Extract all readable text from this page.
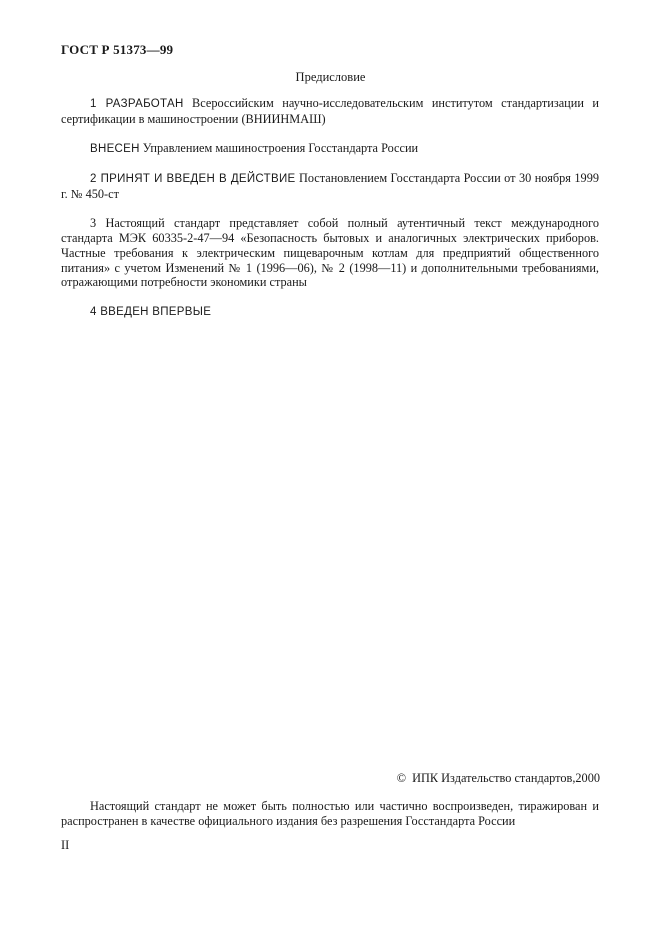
ГОСТ Р 51373—99
Предисловие

1 РАЗРАБОТАН Всероссийским научно-исследовательским институтом стандартизации и сертификации в машиностроении (ВНИИНМАШ)

ВНЕСЕН Управлением машиностроения Госстандарта России

2 ПРИНЯТ И ВВЕДЕН В ДЕЙСТВИЕ Постановлением Госстандарта России от 30 ноября 1999 г. № 450-ст

3 Настоящий стандарт представляет собой полный аутентичный текст международного стандарта МЭК 60335-2-47—94 «Безопасность бытовых и аналогичных электрических приборов. Частные требования к электрическим пищеварочным котлам для предприятий общественного питания» с учетом Изменений № 1 (1996—06), № 2 (1998—11) и дополнительными требованиями, отражающими потребности экономики страны

4 ВВЕДЕН ВПЕРВЫЕ

© ИПК Издательство стандартов,2000

Настоящий стандарт не может быть полностью или частично воспроизведен, тиражирован и распространен в качестве официального издания без разрешения Госстандарта России

II
